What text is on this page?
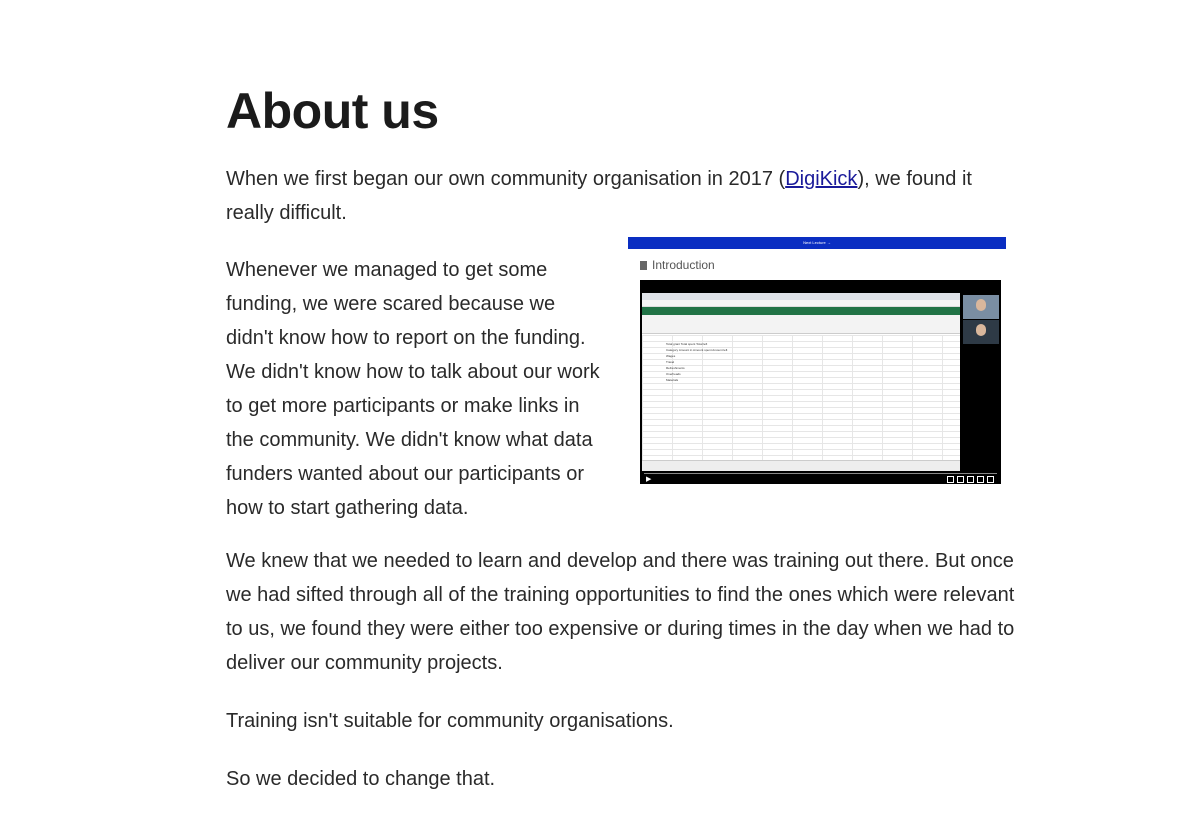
About us

When we first began our own community organisation in 2017 (DigiKick), we found it really difficult.

Whenever we managed to get some funding, we were scared because we didn't know how to report on the funding. We didn't know how to talk about our work to get more participants or make links in the community. We didn't know what data funders wanted about our participants or how to start gathering data.

Next Lecture →
Introduction
Total grant Total spent Total left
Category Amount in Amount spent Amount left
Wages
Travel
Refreshments
Overheads
Materials
▶

We knew that we needed to learn and develop and there was training out there. But once we had sifted through all of the training opportunities to find the ones which were relevant to us, we found they were either too expensive or during times in the day when we had to deliver our community projects.

Training isn't suitable for community organisations.

So we decided to change that.
